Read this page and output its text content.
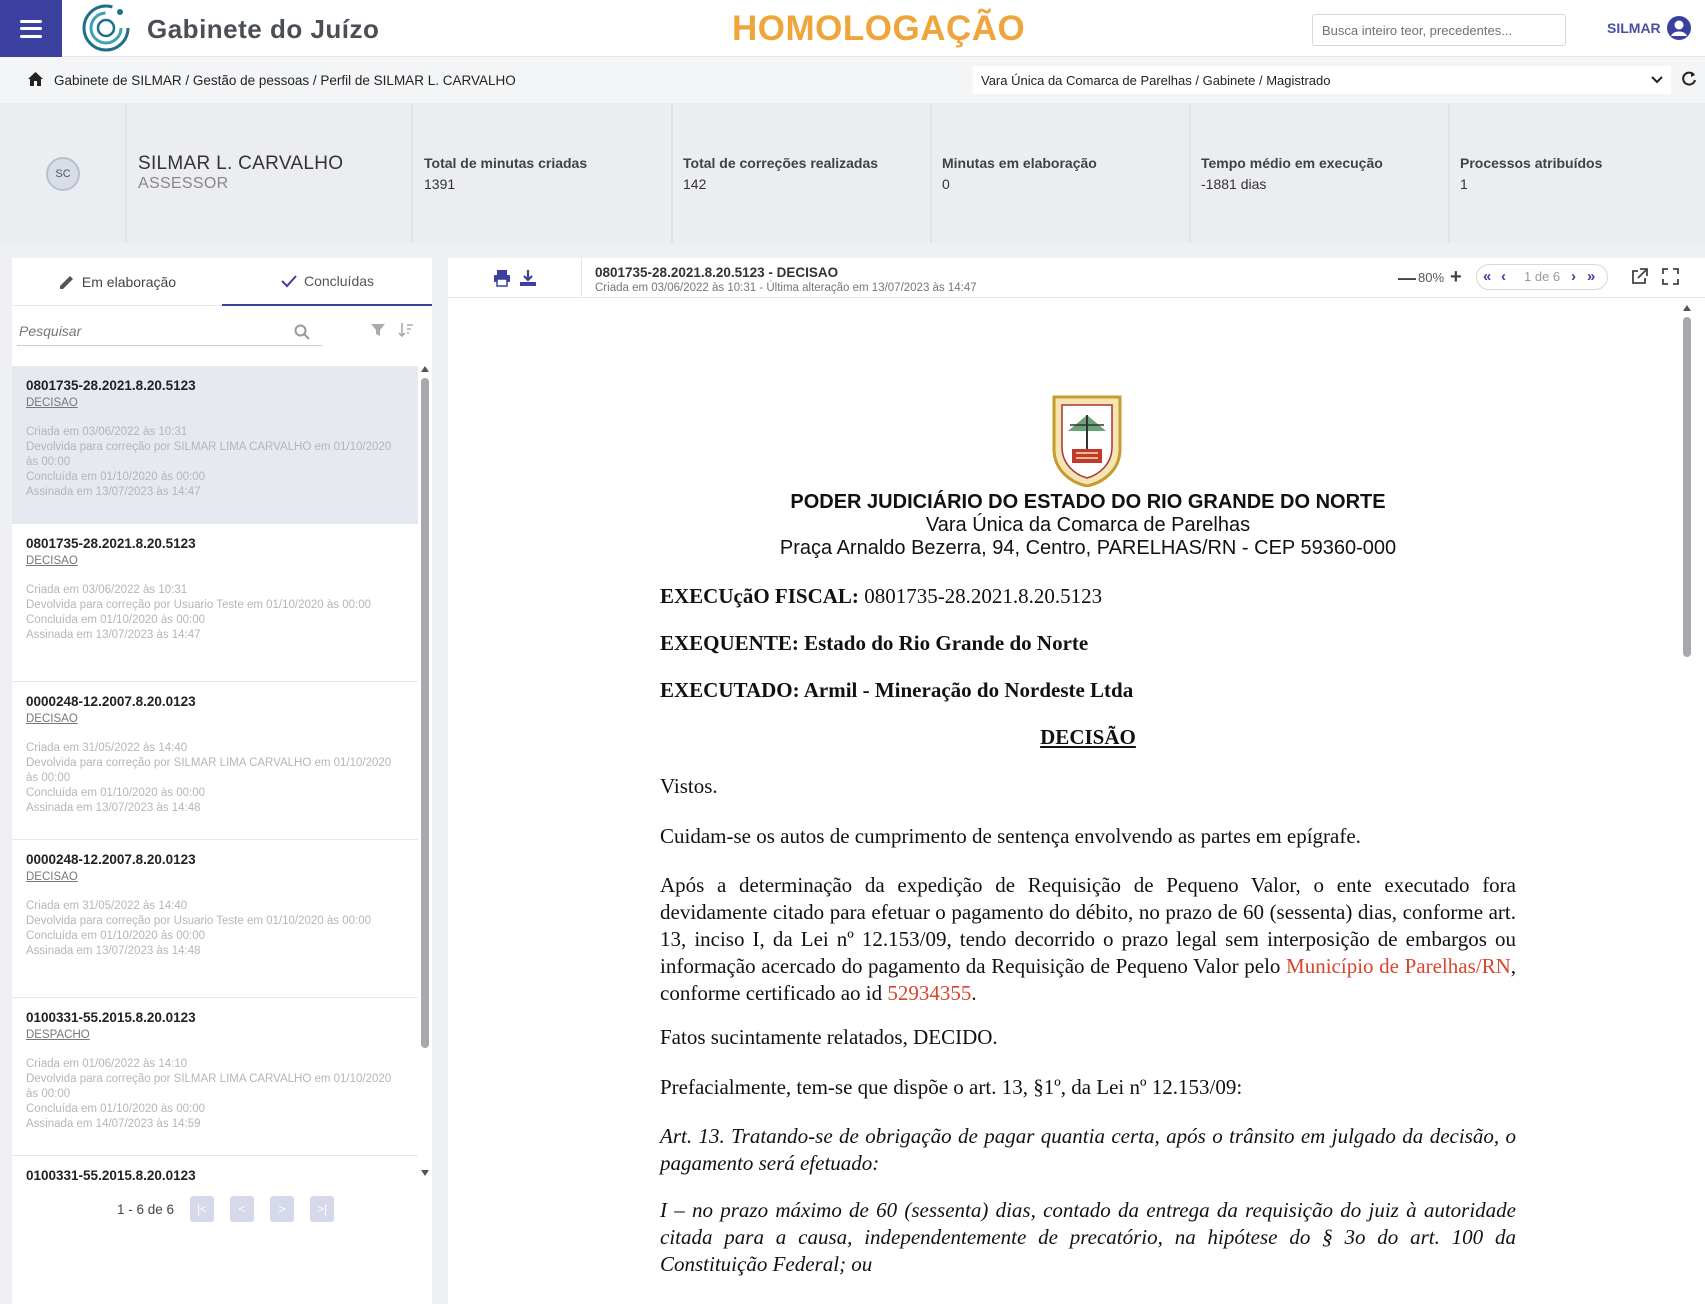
Gabinete do Juízo	HOMOLOGAÇÃO
Busca inteiro teor, precedentes...	SILMAR
Gabinete de SILMAR / Gestão de pessoas / Perfil de SILMAR L. CARVALHO	Vara Única da Comarca de Parelhas / Gabinete / Magistrado
SC	SILMAR L. CARVALHO
ASSESSOR
Total de minutas criadas
1391
Total de correções realizadas
142
Minutas em elaboração
0
Tempo médio em execução
-1881 dias
Processos atribuídos
1
Em elaboração	Concluídas
Pesquisar
0801735-28.2021.8.20.5123
DECISAO
Criada em 03/06/2022 às 10:31
Devolvida para correção por SILMAR LIMA CARVALHO em 01/10/2020 às 00:00
Concluída em 01/10/2020 às 00:00
Assinada em 13/07/2023 às 14:47
0801735-28.2021.8.20.5123
DECISAO
Criada em 03/06/2022 às 10:31
Devolvida para correção por Usuario Teste em 01/10/2020 às 00:00
Concluída em 01/10/2020 às 00:00
Assinada em 13/07/2023 às 14:47
0000248-12.2007.8.20.0123
DECISAO
Criada em 31/05/2022 às 14:40
Devolvida para correção por SILMAR LIMA CARVALHO em 01/10/2020 às 00:00
Concluída em 01/10/2020 às 00:00
Assinada em 13/07/2023 às 14:48
0000248-12.2007.8.20.0123
DECISAO
Criada em 31/05/2022 às 14:40
Devolvida para correção por Usuario Teste em 01/10/2020 às 00:00
Concluída em 01/10/2020 às 00:00
Assinada em 13/07/2023 às 14:48
0100331-55.2015.8.20.0123
DESPACHO
Criada em 01/06/2022 às 14:10
Devolvida para correção por SILMAR LIMA CARVALHO em 01/10/2020 às 00:00
Concluída em 01/10/2020 às 00:00
Assinada em 14/07/2023 às 14:59
0100331-55.2015.8.20.0123
1 - 6 de 6 |<	<	>	>|
0801735-28.2021.8.20.5123 - DECISAO
Criada em 03/06/2022 às 10:31 - Última alteração em 13/07/2023 às 14:47	— 80% + « ‹ 1 de 6 › »
PODER JUDICIÁRIO DO ESTADO DO RIO GRANDE DO NORTE
Vara Única da Comarca de Parelhas
Praça Arnaldo Bezerra, 94, Centro, PARELHAS/RN - CEP 59360-000
EXECUçãO FISCAL: 0801735-28.2021.8.20.5123
EXEQUENTE: Estado do Rio Grande do Norte
EXECUTADO: Armil - Mineração do Nordeste Ltda
DECISÃO
Vistos.
Cuidam-se os autos de cumprimento de sentença envolvendo as partes em epígrafe.
Após a determinação da expedição de Requisição de Pequeno Valor, o ente executado fora devidamente citado para efetuar o pagamento do débito, no prazo de 60 (sessenta) dias, conforme art. 13, inciso I, da Lei nº 12.153/09, tendo decorrido o prazo legal sem interposição de embargos ou informação acercado do pagamento da Requisição de Pequeno Valor pelo Município de Parelhas/RN, conforme certificado ao id 52934355.
Fatos sucintamente relatados, DECIDO.
Prefacialmente, tem-se que dispõe o art. 13, §1º, da Lei nº 12.153/09:
Art. 13. Tratando-se de obrigação de pagar quantia certa, após o trânsito em julgado da decisão, o pagamento será efetuado:
I – no prazo máximo de 60 (sessenta) dias, contado da entrega da requisição do juiz à autoridade citada para a causa, independentemente de precatório, na hipótese do § 3o do art. 100 da Constituição Federal; ou
